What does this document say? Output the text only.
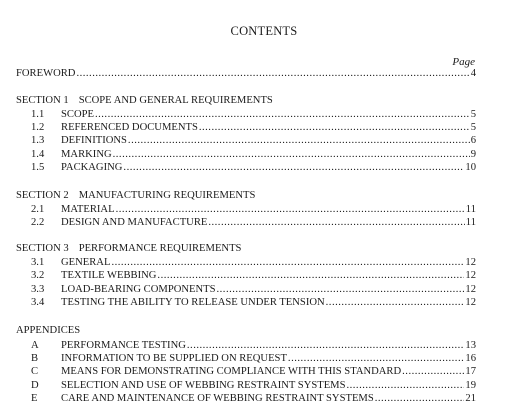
CONTENTS
Page
FOREWORD .....	4
SECTION 1 SCOPE AND GENERAL REQUIREMENTS
1.1	SCOPE .....	5
1.2	REFERENCED DOCUMENTS .....	5
1.3	DEFINITIONS .....	6
1.4	MARKING .....	9
1.5	PACKAGING .....	10
SECTION 2 MANUFACTURING REQUIREMENTS
2.1	MATERIAL .....	11
2.2	DESIGN AND MANUFACTURE .....	11
SECTION 3 PERFORMANCE REQUIREMENTS
3.1	GENERAL .....	12
3.2	TEXTILE WEBBING .....	12
3.3	LOAD-BEARING COMPONENTS .....	12
3.4	TESTING THE ABILITY TO RELEASE UNDER TENSION .....	12
APPENDICES
A	PERFORMANCE TESTING .....	13
B	INFORMATION TO BE SUPPLIED ON REQUEST .....	16
C	MEANS FOR DEMONSTRATING COMPLIANCE WITH THIS STANDARD .....	17
D	SELECTION AND USE OF WEBBING RESTRAINT SYSTEMS .....	19
E	CARE AND MAINTENANCE OF WEBBING RESTRAINT SYSTEMS .....	21
